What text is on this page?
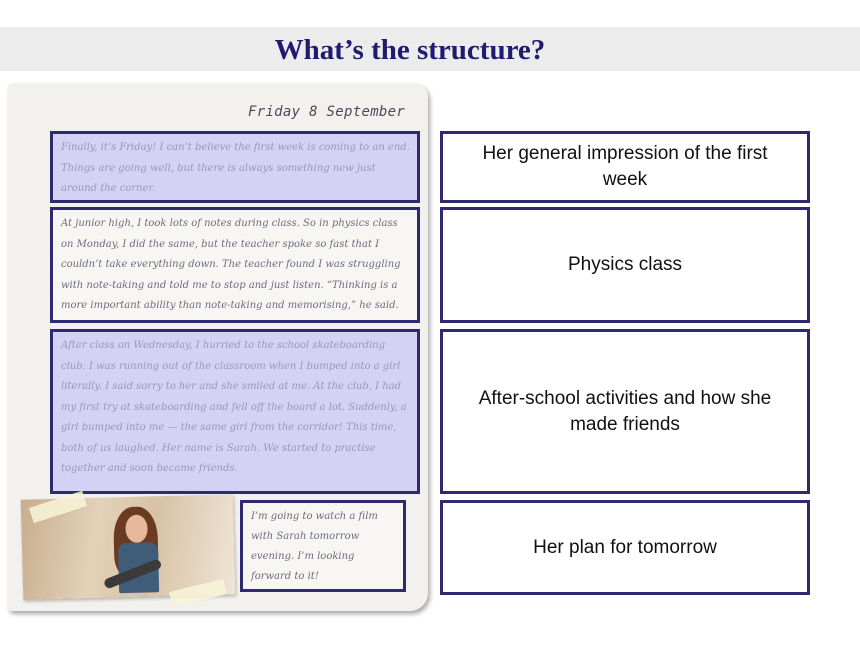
What’s the structure?
Friday 8 September
Finally, it’s Friday! I can’t believe the first week is coming to an end. Things are going well, but there is always something new just around the corner.
At junior high, I took lots of notes during class. So in physics class on Monday, I did the same, but the teacher spoke so fast that I couldn’t take everything down. The teacher found I was struggling with note-taking and told me to stop and just listen. “Thinking is a more important ability than note-taking and memorising,” he said.
After class on Wednesday, I hurried to the school skateboarding club. I was running out of the classroom when I bumped into a girl literally. I said sorry to her and she smiled at me. At the club, I had my first try at skateboarding and fell off the board a lot. Suddenly, a girl bumped into me — the same girl from the corridor! This time, both of us laughed. Her name is Sarah. We started to practise together and soon became friends.
I’m going to watch a film with Sarah tomorrow evening. I’m looking forward to it!
Her general impression of the first week
Physics class
After-school activities and how she made friends
Her plan for tomorrow
